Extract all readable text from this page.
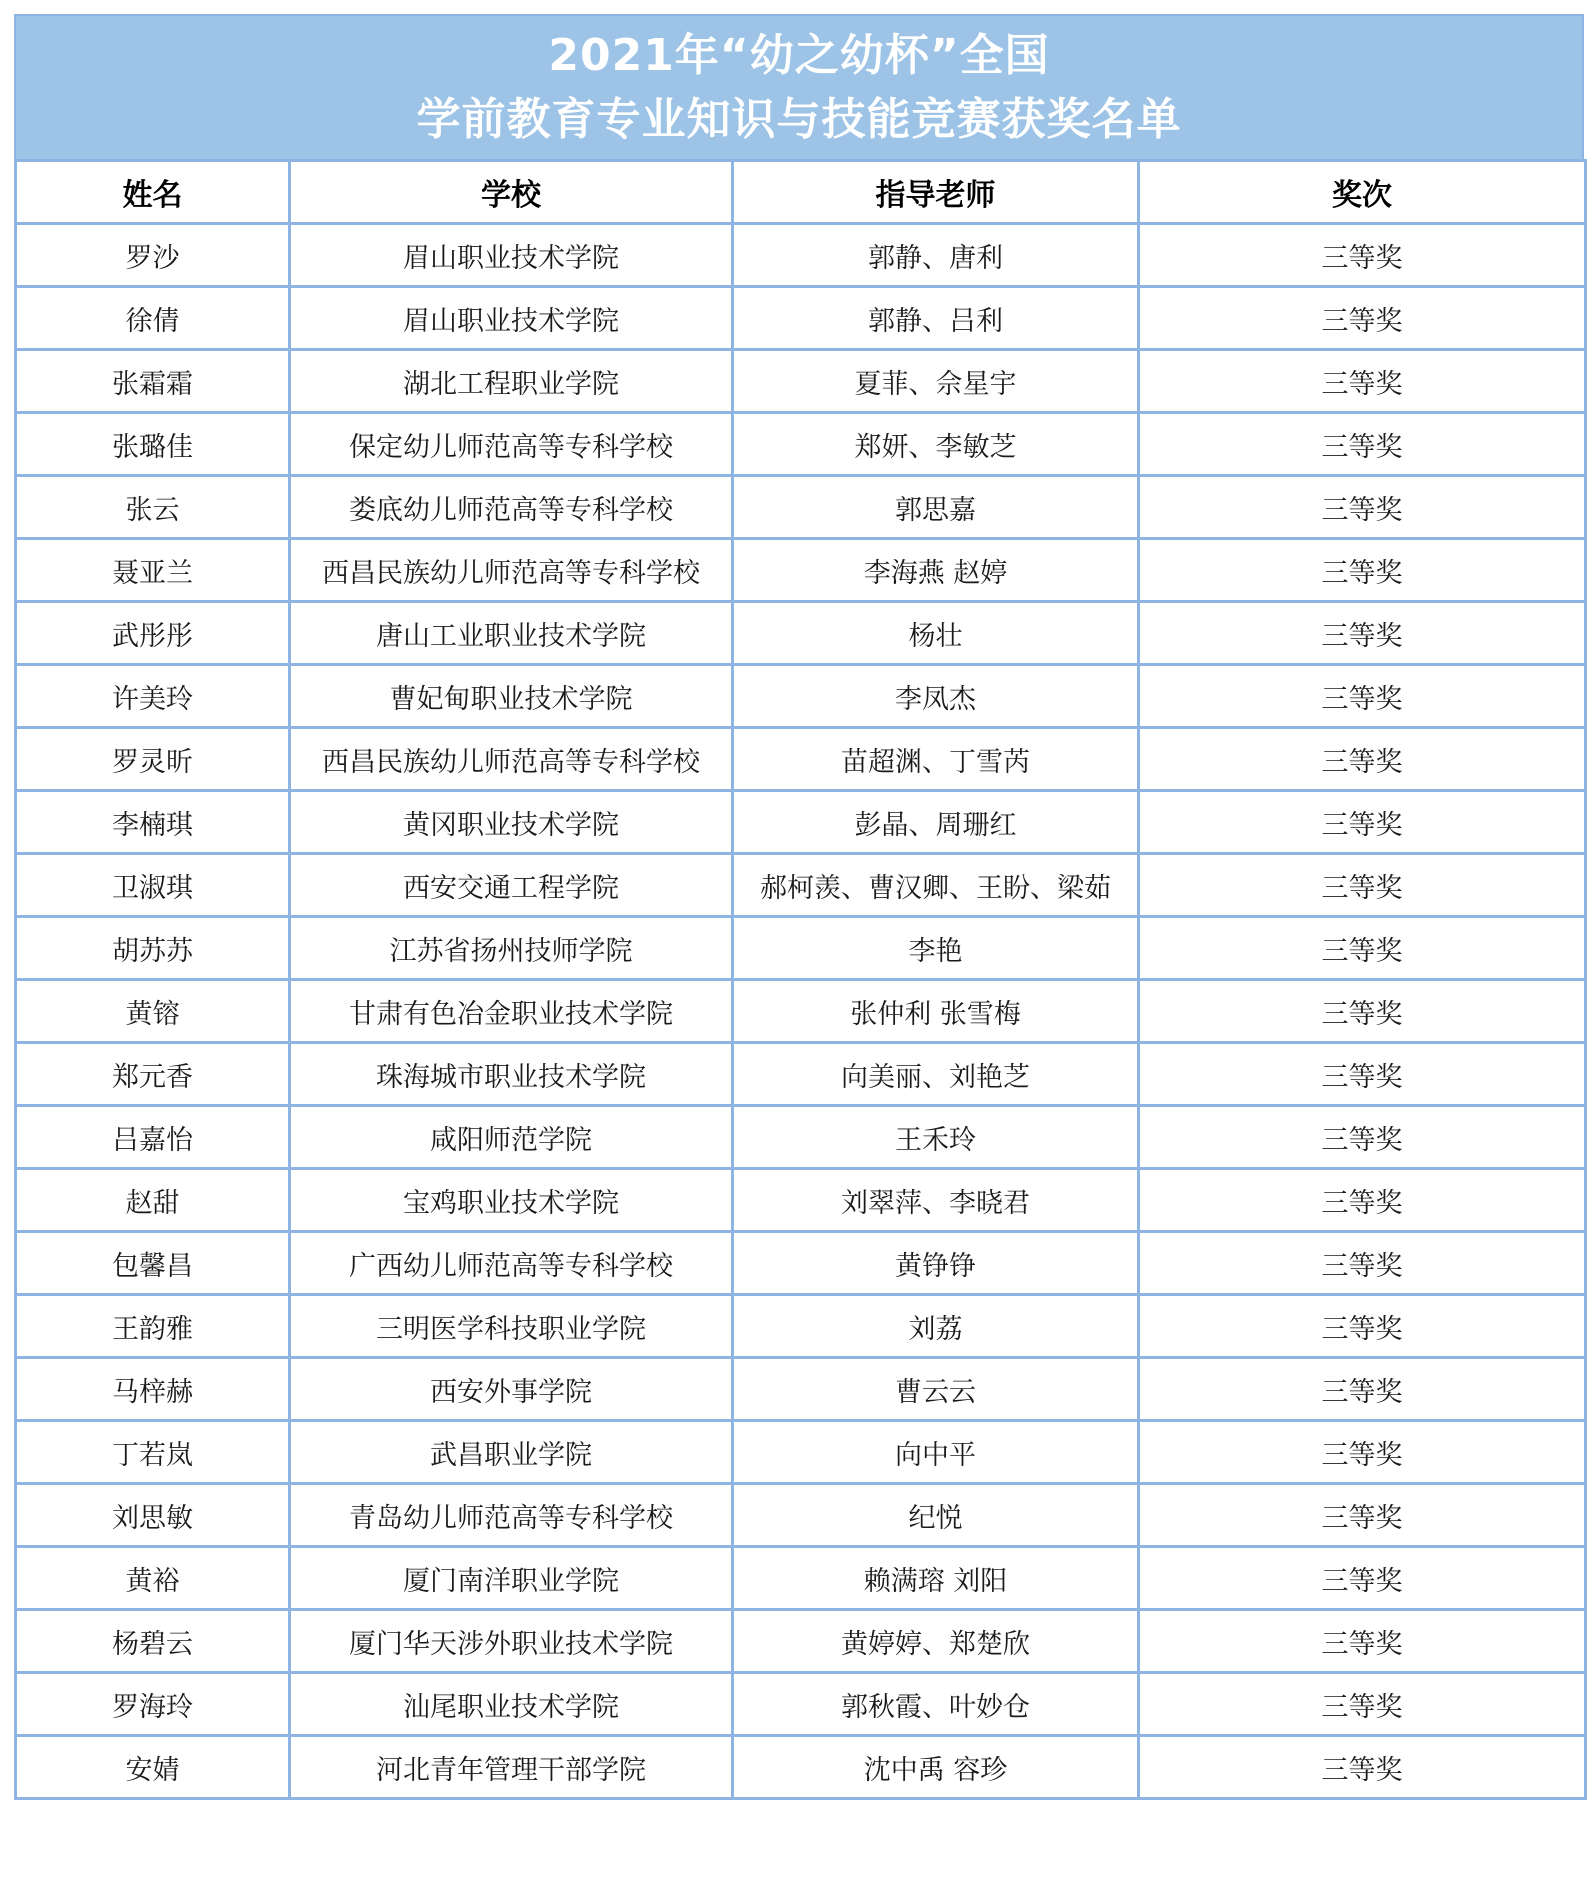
2021年“幼之幼杯”全国
学前教育专业知识与技能竞赛获奖名单
姓名	学校	指导老师	奖次
罗沙	眉山职业技术学院	郭静、唐利	三等奖
徐倩	眉山职业技术学院	郭静、吕利	三等奖
张霜霜	湖北工程职业学院	夏菲、佘星宇	三等奖
张璐佳	保定幼儿师范高等专科学校	郑妍、李敏芝	三等奖
张云	娄底幼儿师范高等专科学校	郭思嘉	三等奖
聂亚兰	西昌民族幼儿师范高等专科学校	李海燕 赵婷	三等奖
武彤彤	唐山工业职业技术学院	杨壮	三等奖
许美玲	曹妃甸职业技术学院	李凤杰	三等奖
罗灵昕	西昌民族幼儿师范高等专科学校	苗超渊、丁雪芮	三等奖
李楠琪	黄冈职业技术学院	彭晶、周珊红	三等奖
卫淑琪	西安交通工程学院	郝柯羡、曹汉卿、王盼、梁茹	三等奖
胡苏苏	江苏省扬州技师学院	李艳	三等奖
黄镕	甘肃有色冶金职业技术学院	张仲利 张雪梅	三等奖
郑元香	珠海城市职业技术学院	向美丽、刘艳芝	三等奖
吕嘉怡	咸阳师范学院	王禾玲	三等奖
赵甜	宝鸡职业技术学院	刘翠萍、李晓君	三等奖
包馨昌	广西幼儿师范高等专科学校	黄铮铮	三等奖
王韵雅	三明医学科技职业学院	刘荔	三等奖
马梓赫	西安外事学院	曹云云	三等奖
丁若岚	武昌职业学院	向中平	三等奖
刘思敏	青岛幼儿师范高等专科学校	纪悦	三等奖
黄裕	厦门南洋职业学院	赖满瑢 刘阳	三等奖
杨碧云	厦门华天涉外职业技术学院	黄婷婷、郑楚欣	三等奖
罗海玲	汕尾职业技术学院	郭秋霞、叶妙仓	三等奖
安婧	河北青年管理干部学院	沈中禹 容珍	三等奖
